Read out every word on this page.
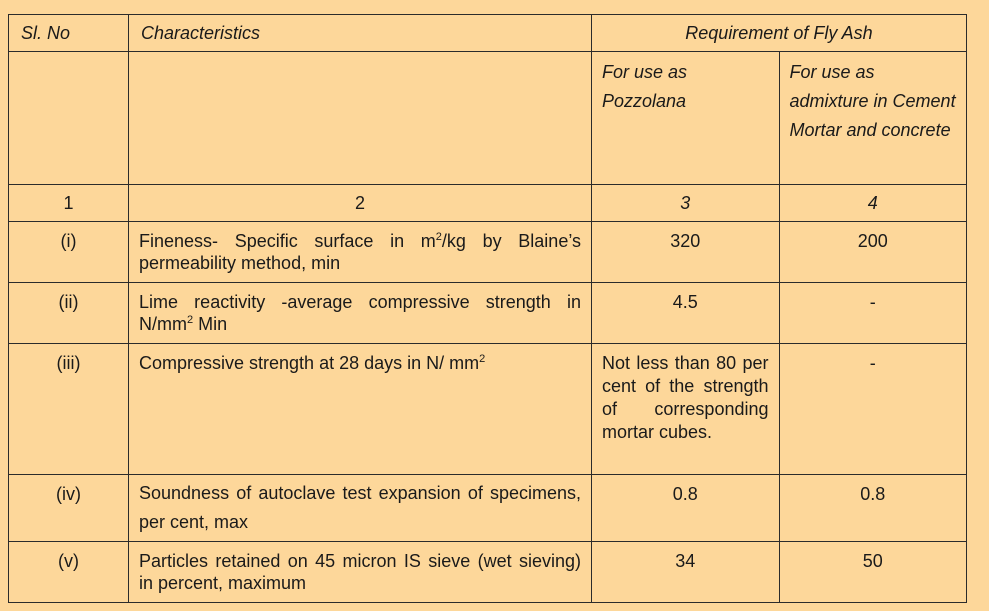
Sl. No	Characteristics	Requirement of Fly Ash	
		For use as Pozzolana	For use as admixture in Cement Mortar and concrete
1	2	3	4
(i)	Fineness- Specific surface in $m^2/kg$ by Blaine’s permeability method, min	320	200
(ii)	Lime reactivity -average compressive strength in $N/mm^2$ Min	4.5	-
(iii)	Compressive strength at 28 days in N/ $mm^2$	Not less than 80 per cent of the strength of corresponding mortar cubes.	-
(iv)	Soundness of autoclave test expansion of specimens, per cent, max	0.8	0.8
(v)	Particles retained on 45 micron IS sieve (wet sieving) in percent, maximum	34	50
